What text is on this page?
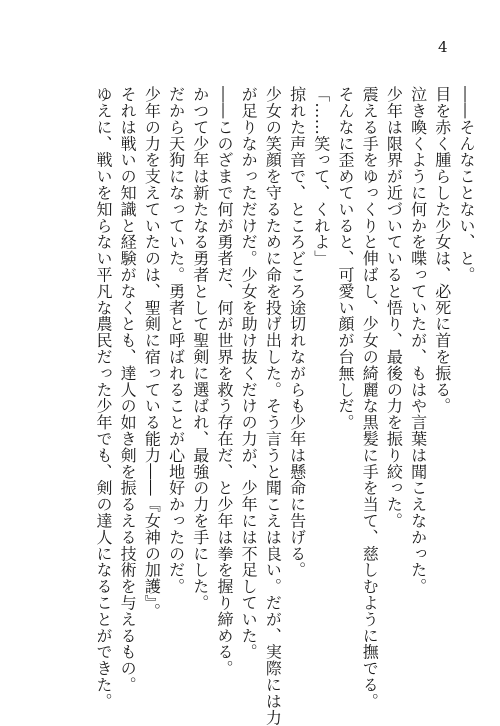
4
――そんなことない、と。
目を赤く腫らした少女は、必死に首を振る。
泣き喚くように何かを喋っていたが、もはや言葉は聞こえなかった。
少年は限界が近づいていると悟り、最後の力を振り絞った。
震える手をゆっくりと伸ばし、少女の綺麗な黒髪に手を当て、慈しむように撫でる。
そんなに歪めていると、可愛い顔が台無しだ。
「……笑って、くれよ」
掠れた声音で、ところどころ途切れながらも少年は懸命に告げる。
少女の笑顔を守るために命を投げ出した。そう言うと聞こえは良い。だが、実際には力
が足りなかっただけだ。少女を助け抜くだけの力が、少年には不足していた。
――このざまで何が勇者だ、何が世界を救う存在だ、と少年は拳を握り締める。
かつて少年は新たなる勇者として聖剣に選ばれ、最強の力を手にした。
だから天狗になっていた。勇者と呼ばれることが心地好かったのだ。
少年の力を支えていたのは、聖剣に宿っている能力――『女神の加護』。
それは戦いの知識と経験がなくとも、達人の如き剣を振るえる技術を与えるもの。
ゆえに、戦いを知らない平凡な農民だった少年でも、剣の達人になることができた。
